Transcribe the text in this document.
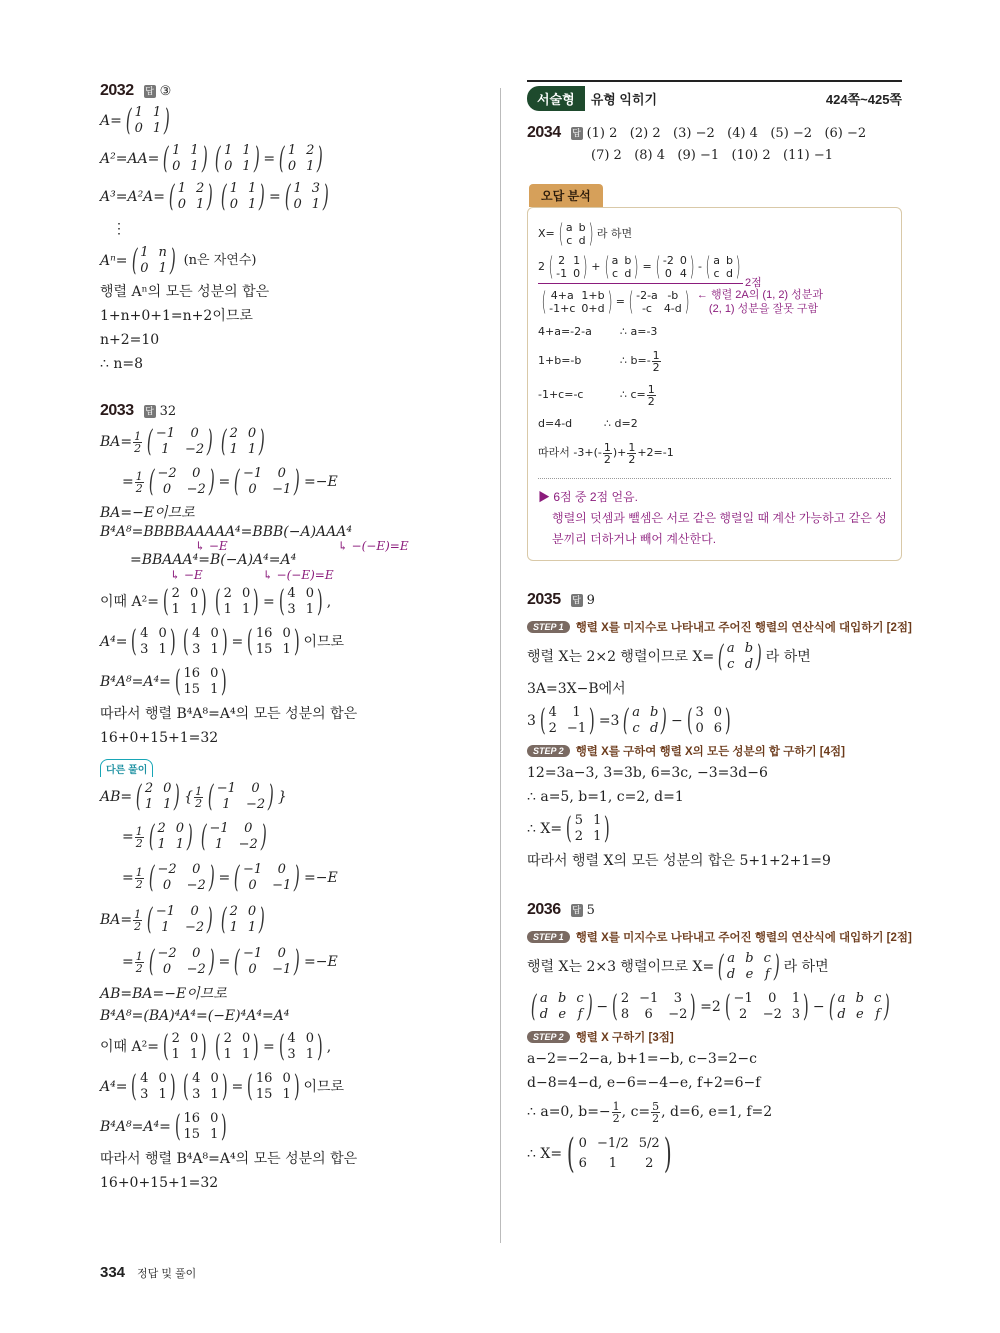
2032 답 ③
A= ( 1 1
0 1 )
A²=AA= ( 1 1
0 1 ) ( 1 1
0 1 ) = ( 1 2
0 1 )
A³=A²A= ( 1 2
0 1 ) ( 1 1
0 1 ) = ( 1 3
0 1 )
⋮
Aⁿ= ( 1 n
0 1 ) (n은 자연수)
행렬 Aⁿ의 모든 성분의 합은
1+n+0+1=n+2이므로
n+2=10
∴ n=8
2033 답 32
$BA= \frac{1}{2}$ ( −1	0
1	−2 ) ( 2 0
1 1 )
= $\frac{1}{2}$ ( −2	0
0	−2 ) = ( −1	0
0	−1 ) =−E
BA=−E이므로
B⁴A⁸=BBBBAAAAA⁴=BBB(−A)AAA⁴
↳ −E	↳ −(−E)=E
=BBAAA⁴=B(−A)A⁴=A⁴
↳ −E	↳ −(−E)=E
이때 A²= ( 2 0
1 1 ) ( 2 0
1 1 ) = ( 4 0
3 1 ) ,
A⁴= ( 4 0
3 1 ) ( 4 0
3 1 ) = ( 16 0
15 1 ) 이므로
B⁴A⁸=A⁴= ( 16 0
15 1 )
따라서 행렬 B⁴A⁸=A⁴의 모든 성분의 합은
16+0+15+1=32
다른 풀이
AB= ( 2 0
1 1 ) { $\frac{1}{2}$ ( −1	0
1	−2 ) }
= $\frac{1}{2}$ ( 2 0
1 1 ) ( −1	0
1	−2 )
= $\frac{1}{2}$ ( −2	0
0	−2 ) = ( −1	0
0	−1 ) =−E
$BA= \frac{1}{2}$ ( −1	0
1	−2 ) ( 2 0
1 1 )
= $\frac{1}{2}$ ( −2	0
0	−2 ) = ( −1	0
0	−1 ) =−E
AB=BA=−E이므로
B⁴A⁸=(BA)⁴A⁴=(−E)⁴A⁴=A⁴
이때 A²= ( 2 0
1 1 ) ( 2 0
1 1 ) = ( 4 0
3 1 ) ,
A⁴= ( 4 0
3 1 ) ( 4 0
3 1 ) = ( 16 0
15 1 ) 이므로
B⁴A⁸=A⁴= ( 16 0
15 1 )
따라서 행렬 B⁴A⁸=A⁴의 모든 성분의 합은
16+0+15+1=32
서술형	유형 익히기	424쪽~425쪽
2034 답 (1) 2   (2) 2   (3) −2   (4) 4   (5) −2   (6) −2
(7) 2   (8) 4   (9) −1   (10) 2   (11) −1
오답 분석
X= ( a b
c d ) 라 하면
2 ( 2 1
-1 0 ) + ( a b
c d ) = ( -2 0
0 4 ) - ( a b
c d )
2점
( 4+a 1+b
-1+c 0+d ) = ( -2-a -b
-c	4-d ) ← 행렬 2A의 (1, 2) 성분과
(2, 1) 성분을 잘못 구함
4+a=-2-a	∴ a=-3
1+b=-b	∴ $b=- \frac{1}{2}$
-1+c=-c	∴ $c= \frac{1}{2}$
d=4-d	∴ d=2
따라서 -3+ (- $\frac{1}{2}$ ) + $\frac{1}{2} +2=-1$
▶ 6점 중 2점 얻음.
행렬의 덧셈과 뺄셈은 서로 같은 행렬일 때 계산 가능하고 같은 성분끼리 더하거나 빼어 계산한다.
2035 답 9
STEP 1	행렬 X를 미지수로 나타내고 주어진 행렬의 연산식에 대입하기 [2점]
행렬 X는 2×2 행렬이므로 X= ( a b
c d ) 라 하면
3A=3X−B에서
3 ( 4	1
2 −1 ) = 3 ( a b
c d ) − ( 3 0
0 6 )
STEP 2	행렬 X를 구하여 행렬 X의 모든 성분의 합 구하기 [4점]
12=3a−3, 3=3b, 6=3c, −3=3d−6
∴ a=5, b=1, c=2, d=1
∴ X= ( 5 1
2 1 )
따라서 행렬 X의 모든 성분의 합은 5+1+2+1=9
2036 답 5
STEP 1	행렬 X를 미지수로 나타내고 주어진 행렬의 연산식에 대입하기 [2점]
행렬 X는 2×3 행렬이므로 X= ( a b c
d e f ) 라 하면
( a b c
d e f ) − ( 2 −1	3
8	6	−2 ) = 2 ( −1	0	1
2	−2 3 ) − ( a b c
d e f )
STEP 2	행렬 X 구하기 [3점]
a−2=−2−a, b+1=−b, c−3=2−c
d−8=4−d, e−6=−4−e, f+2=6−f
∴ a=0, $b=- \frac{1}{2}$ , $c= \frac{5}{2}$ , d=6, e=1, f=2
∴ X= ( 0 −1/2 5/2
6	1	2 )
334 정답 및 풀이
